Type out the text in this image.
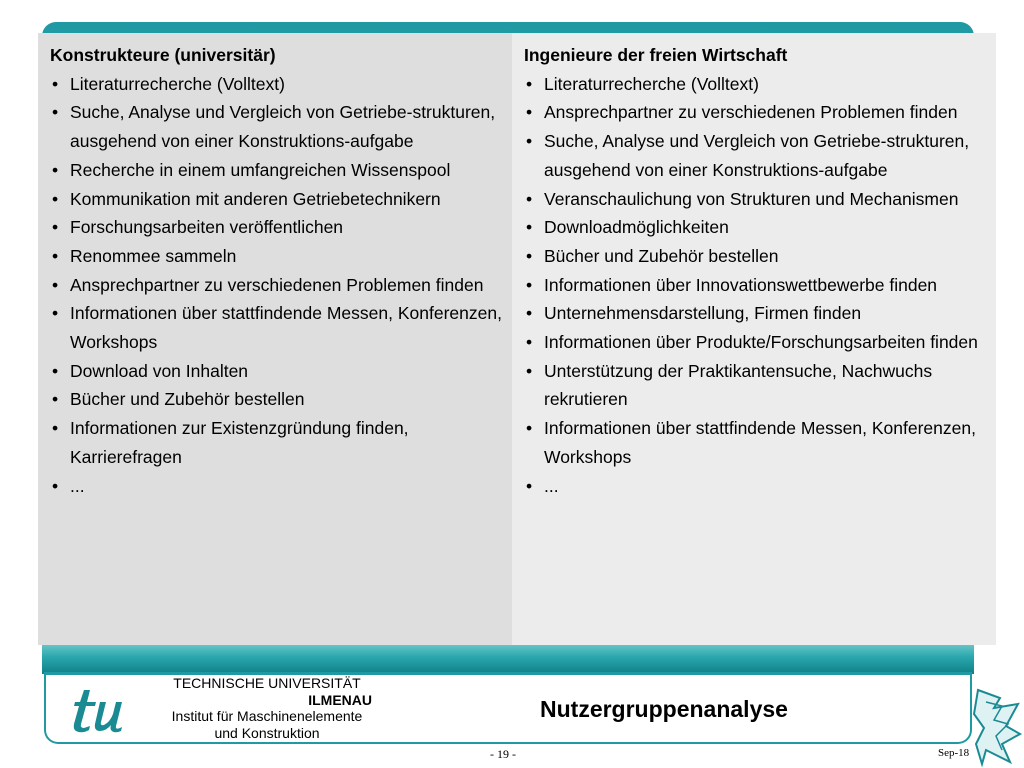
Konstrukteure (universitär)

• Literaturrecherche (Volltext)
• Suche, Analyse und Vergleich von Getriebe-strukturen, ausgehend von einer Konstruktions-aufgabe
• Recherche in einem umfangreichen Wissenspool
• Kommunikation mit anderen Getriebetechnikern
• Forschungsarbeiten veröffentlichen
• Renommee sammeln
• Ansprechpartner zu verschiedenen Problemen finden
• Informationen über stattfindende Messen, Konferenzen, Workshops
• Download von Inhalten
• Bücher und Zubehör bestellen
• Informationen zur Existenzgründung finden, Karrierefragen
• ...

Ingenieure der freien Wirtschaft

• Literaturrecherche (Volltext)
• Ansprechpartner zu verschiedenen Problemen finden
• Suche, Analyse und Vergleich von Getriebe-strukturen, ausgehend von einer Konstruktions-aufgabe
• Veranschaulichung von Strukturen und Mechanismen
• Downloadmöglichkeiten
• Bücher und Zubehör bestellen
• Informationen über Innovationswettbewerbe finden
• Unternehmensdarstellung, Firmen finden
• Informationen über Produkte/Forschungsarbeiten finden
• Unterstützung der Praktikantensuche, Nachwuchs rekrutieren
• Informationen über stattfindende Messen, Konferenzen, Workshops
• ...
TECHNISCHE UNIVERSITÄT
ILMENAU
Institut für Maschinenelemente
und Konstruktion
Nutzergruppenanalyse
- 19 -	Sep-18
